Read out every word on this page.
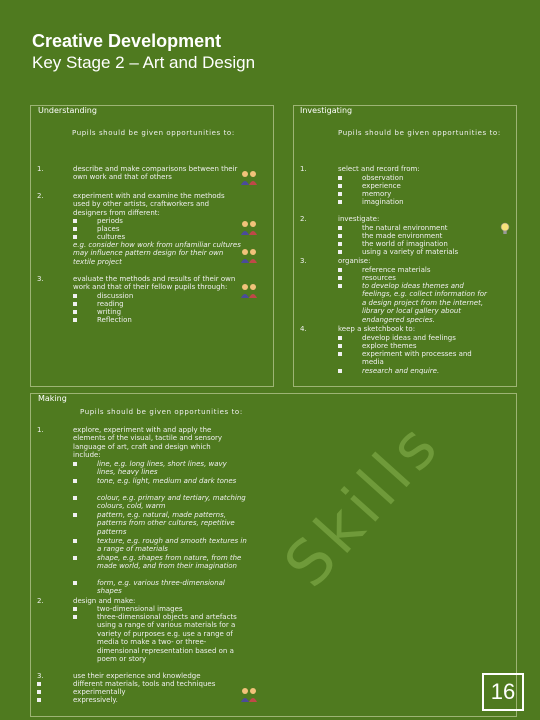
Creative Development
Key Stage 2 – Art and Design
Understanding
Pupils should be given opportunities to:
1.	describe and make comparisons between their own work and that of others
2.	experiment with and examine the methods used by other artists, craftworkers and designers from different:
periods
places
cultures
e.g. consider how work from unfamiliar cultures may influence pattern design for their own textile project
3.	evaluate the methods and results of their own work and that of their fellow pupils through:
discussion
reading
writing
Reflection
Investigating
Pupils should be given opportunities to:
1.	select and record from:
observation
experience
memory
imagination
2.	investigate:
the natural environment
the made environment
the world of imagination
using a variety of materials
3.	organise:
reference materials
resources
to develop ideas themes and feelings, e.g. collect information for a design project from the internet, library or local gallery about endangered species.
4.	keep a sketchbook to:
develop ideas and feelings
explore themes
experiment with processes and media
research and enquire.
Making
Pupils should be given opportunities to:
1.	explore, experiment with and apply the elements of the visual, tactile and sensory language of art, craft and design which include:
line, e.g. long lines, short lines, wavy lines, heavy lines
tone, e.g. light, medium and dark tones
colour, e.g. primary and tertiary, matching colours, cold, warm
pattern, e.g. natural, made patterns, patterns from other cultures, repetitive patterns
texture, e.g. rough and smooth textures in a range of materials
shape, e.g. shapes from nature, from the made world, and from their imagination
form, e.g. various three-dimensional shapes
2.	design and make:
two-dimensional images
three-dimensional objects and artefacts using a range of various materials for a variety of purposes e.g. use a range of media to make a two- or three-dimensional representation based on a poem or story
3.	use their experience and knowledge
different materials, tools and techniques
experimentally
expressively.
Skills
16
